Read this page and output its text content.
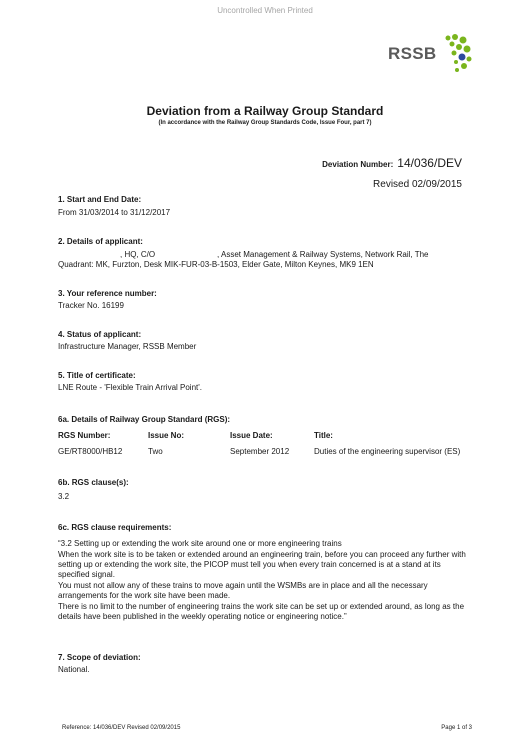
Uncontrolled When Printed
RSSB
Deviation from a Railway Group Standard
(In accordance with the Railway Group Standards Code, Issue Four, part 7)
Deviation Number: 14/036/DEV
Revised 02/09/2015
1. Start and End Date:
From 31/03/2014 to 31/12/2017
2. Details of applicant:
, HQ, C/O	, Asset Management & Railway Systems, Network Rail, The
Quadrant: MK, Furzton, Desk MIK-FUR-03-B-1503, Elder Gate, Milton Keynes, MK9 1EN
3. Your reference number:
Tracker No. 16199
4. Status of applicant:
Infrastructure Manager, RSSB Member
5. Title of certificate:
LNE Route - 'Flexible Train Arrival Point'.
6a. Details of Railway Group Standard (RGS):
RGS Number:	Issue No:	Issue Date:	Title:
GE/RT8000/HB12	Two	September 2012	Duties of the engineering supervisor (ES)
6b. RGS clause(s):
3.2
6c. RGS clause requirements:

“3.2 Setting up or extending the work site around one or more engineering trains

When the work site is to be taken or extended around an engineering train, before you can proceed any further with setting up or extending the work site, the PICOP must tell you when every train concerned is at a stand at its specified signal.

You must not allow any of these trains to move again until the WSMBs are in place and all the necessary arrangements for the work site have been made.

There is no limit to the number of engineering trains the work site can be set up or extended around, as long as the details have been published in the weekly operating notice or engineering notice.”

7. Scope of deviation:
National.
Reference: 14/036/DEV Revised 02/09/2015	Page 1 of 3
